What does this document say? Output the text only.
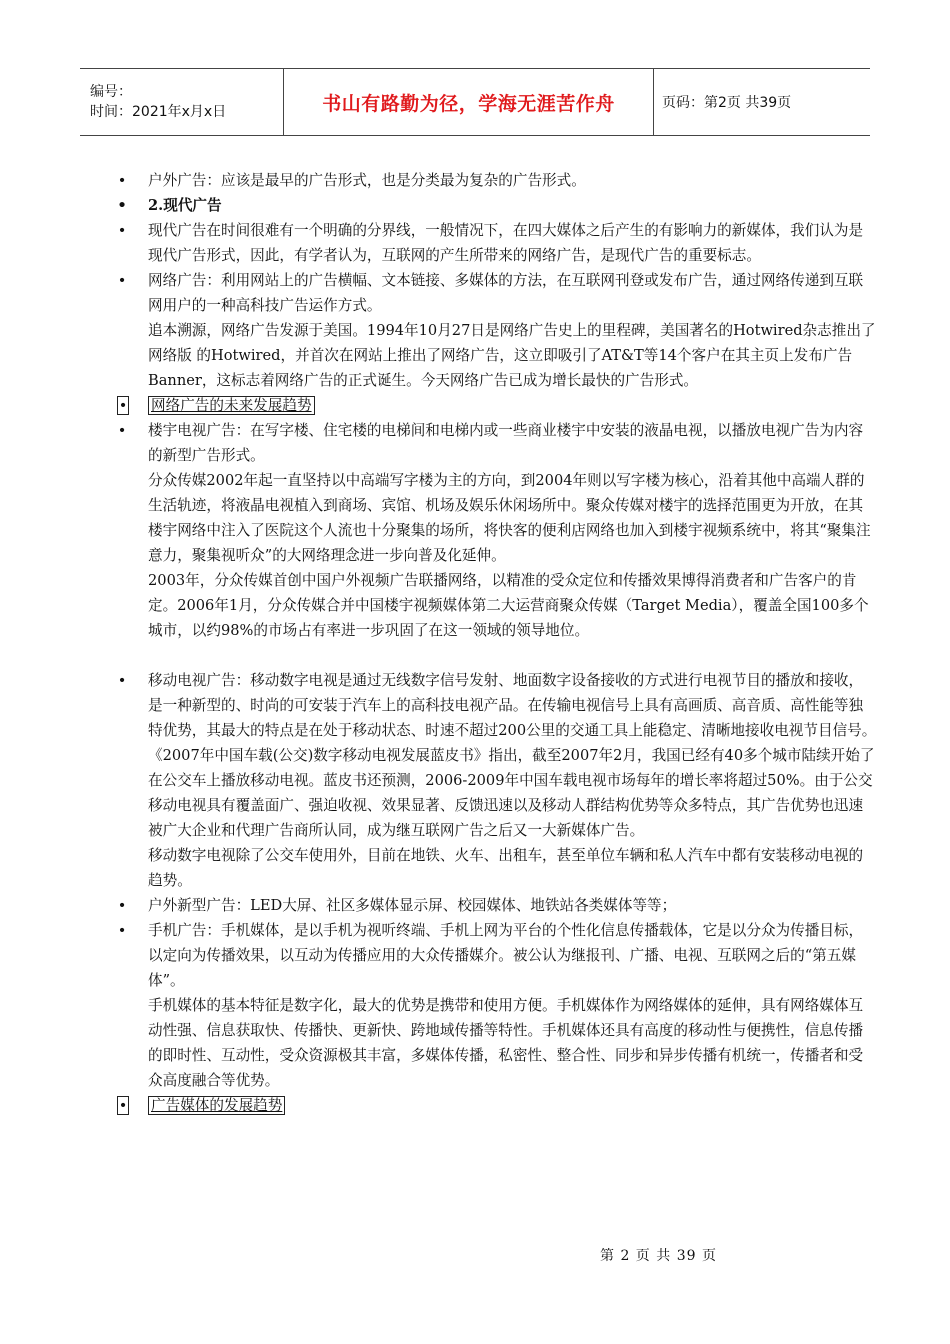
编号：
时间：2021年x月x日	书山有路勤为径，学海无涯苦作舟	页码：第2页 共39页
• 户外广告：应该是最早的广告形式，也是分类最为复杂的广告形式。
• 2.现代广告
• 现代广告在时间很难有一个明确的分界线，一般情况下，在四大媒体之后产生的有影响力的新媒体，我们认为是现代广告形式，因此，有学者认为，互联网的产生所带来的网络广告，是现代广告的重要标志。
• 网络广告：利用网站上的广告横幅、文本链接、多媒体的方法，在互联网刊登或发布广告，通过网络传递到互联网用户的一种高科技广告运作方式。
追本溯源，网络广告发源于美国。1994年10月27日是网络广告史上的里程碑，美国著名的Hotwired杂志推出了网络版 的Hotwired，并首次在网站上推出了网络广告，这立即吸引了AT&T等14个客户在其主页上发布广告Banner，这标志着网络广告的正式诞生。今天网络广告已成为增长最快的广告形式。
• 网络广告的未来发展趋势
• 楼宇电视广告：在写字楼、住宅楼的电梯间和电梯内或一些商业楼宇中安装的液晶电视，以播放电视广告为内容的新型广告形式。
分众传媒2002年起一直坚持以中高端写字楼为主的方向，到2004年则以写字楼为核心，沿着其他中高端人群的生活轨迹，将液晶电视植入到商场、宾馆、机场及娱乐休闲场所中。聚众传媒对楼宇的选择范围更为开放，在其楼宇网络中注入了医院这个人流也十分聚集的场所，将快客的便利店网络也加入到楼宇视频系统中，将其“聚集注意力，聚集视听众”的大网络理念进一步向普及化延伸。
2003年，分众传媒首创中国户外视频广告联播网络，以精准的受众定位和传播效果博得消费者和广告客户的肯定。2006年1月，分众传媒合并中国楼宇视频媒体第二大运营商聚众传媒（Target Media），覆盖全国100多个城市，以约98%的市场占有率进一步巩固了在这一领域的领导地位。
• 移动电视广告：移动数字电视是通过无线数字信号发射、地面数字设备接收的方式进行电视节目的播放和接收，是一种新型的、时尚的可安装于汽车上的高科技电视产品。在传输电视信号上具有高画质、高音质、高性能等独特优势，其最大的特点是在处于移动状态、时速不超过200公里的交通工具上能稳定、清晰地接收电视节目信号。
《2007年中国车载(公交)数字移动电视发展蓝皮书》指出，截至2007年2月，我国已经有40多个城市陆续开始了在公交车上播放移动电视。蓝皮书还预测，2006-2009年中国车载电视市场每年的增长率将超过50%。由于公交移动电视具有覆盖面广、强迫收视、效果显著、反馈迅速以及移动人群结构优势等众多特点，其广告优势也迅速被广大企业和代理广告商所认同，成为继互联网广告之后又一大新媒体广告。
移动数字电视除了公交车使用外，目前在地铁、火车、出租车，甚至单位车辆和私人汽车中都有安装移动电视的趋势。
• 户外新型广告：LED大屏、社区多媒体显示屏、校园媒体、地铁站各类媒体等等；
• 手机广告：手机媒体，是以手机为视听终端、手机上网为平台的个性化信息传播载体，它是以分众为传播目标，以定向为传播效果，以互动为传播应用的大众传播媒介。被公认为继报刊、广播、电视、互联网之后的“第五媒体”。
手机媒体的基本特征是数字化，最大的优势是携带和使用方便。手机媒体作为网络媒体的延伸，具有网络媒体互动性强、信息获取快、传播快、更新快、跨地域传播等特性。手机媒体还具有高度的移动性与便携性，信息传播的即时性、互动性，受众资源极其丰富，多媒体传播，私密性、整合性、同步和异步传播有机统一，传播者和受众高度融合等优势。
• 广告媒体的发展趋势
第 2 页 共 39 页
